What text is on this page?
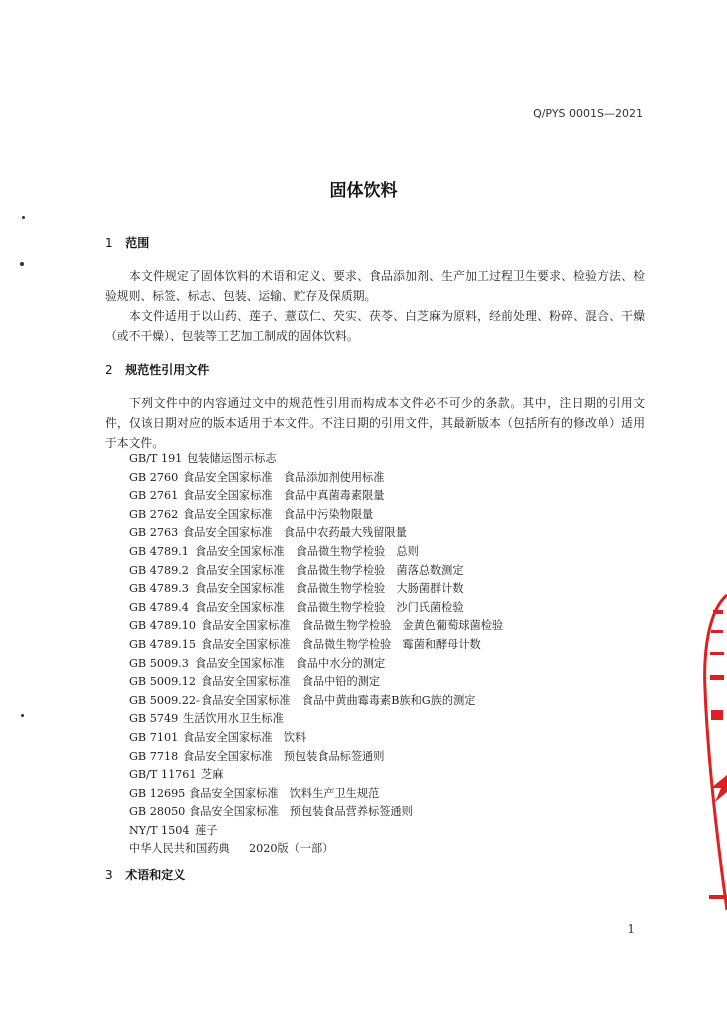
Q/PYS 0001S—2021
固体饮料
1 范围
本文件规定了固体饮料的术语和定义、要求、食品添加剂、生产加工过程卫生要求、检验方法、检验规则、标签、标志、包装、运输、贮存及保质期。
本文件适用于以山药、莲子、薏苡仁、芡实、茯苓、白芝麻为原料，经前处理、粉碎、混合、干燥（或不干燥）、包装等工艺加工制成的固体饮料。
2 规范性引用文件
下列文件中的内容通过文中的规范性引用而构成本文件必不可少的条款。其中，注日期的引用文件，仅该日期对应的版本适用于本文件。不注日期的引用文件，其最新版本（包括所有的修改单）适用于本文件。
GB/T 191 包装储运图示标志
GB 2760 食品安全国家标准　食品添加剂使用标准
GB 2761 食品安全国家标准　食品中真菌毒素限量
GB 2762 食品安全国家标准　食品中污染物限量
GB 2763 食品安全国家标准　食品中农药最大残留限量
GB 4789.1 食品安全国家标准　食品微生物学检验　总则
GB 4789.2 食品安全国家标准　食品微生物学检验　菌落总数测定
GB 4789.3 食品安全国家标准　食品微生物学检验　大肠菌群计数
GB 4789.4 食品安全国家标准　食品微生物学检验　沙门氏菌检验
GB 4789.10 食品安全国家标准　食品微生物学检验　金黄色葡萄球菌检验
GB 4789.15 食品安全国家标准　食品微生物学检验　霉菌和酵母计数
GB 5009.3 食品安全国家标准　食品中水分的测定
GB 5009.12 食品安全国家标准　食品中铅的测定
GB 5009.22-食品安全国家标准　食品中黄曲霉毒素B族和G族的测定
GB 5749 生活饮用水卫生标准
GB 7101 食品安全国家标准　饮料
GB 7718 食品安全国家标准　预包装食品标签通则
GB/T 11761 芝麻
GB 12695 食品安全国家标准　饮料生产卫生规范
GB 28050 食品安全国家标准　预包装食品营养标签通则
NY/T 1504 莲子
中华人民共和国药典 2020版（一部）
3 术语和定义
1
